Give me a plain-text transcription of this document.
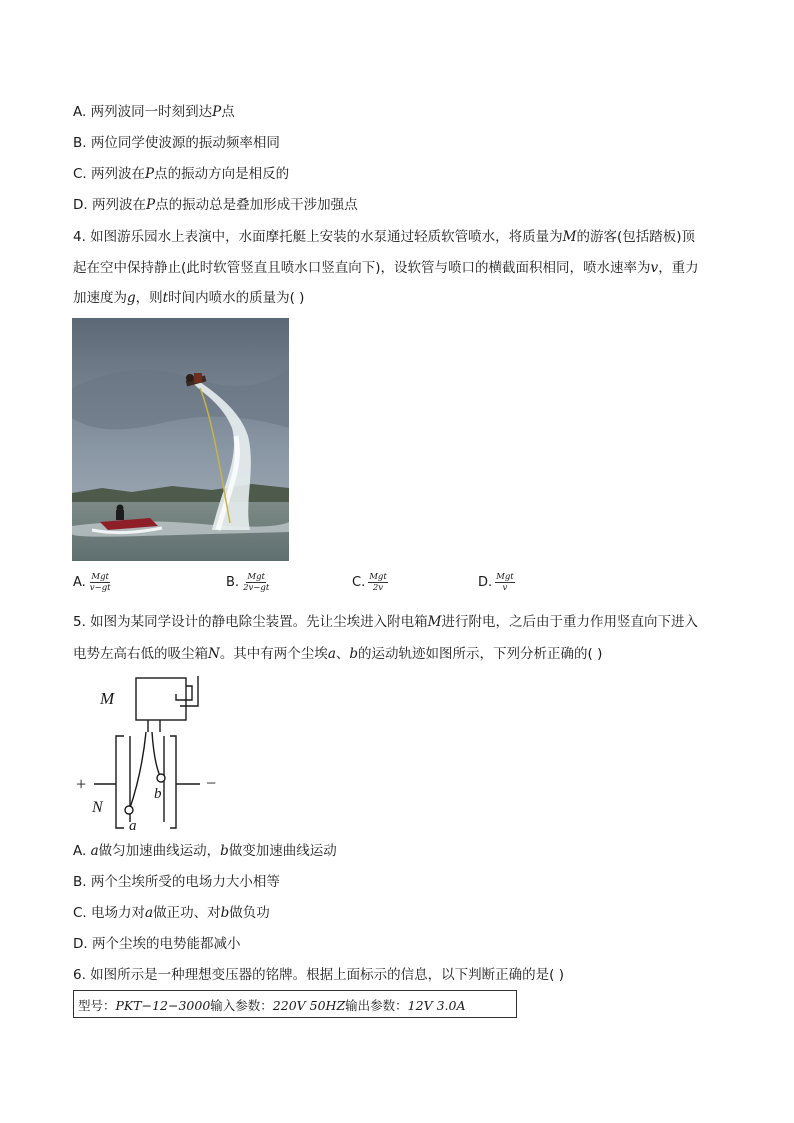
A. 两列波同一时刻到达P点
B. 两位同学使波源的振动频率相同
C. 两列波在P点的振动方向是相反的
D. 两列波在P点的振动总是叠加形成干涉加强点
4. 如图游乐园水上表演中，水面摩托艇上安装的水泵通过轻质软管喷水，将质量为M的游客(包括踏板)顶
起在空中保持静止(此时软管竖直且喷水口竖直向下)，设软管与喷口的横截面积相同，喷水速率为v，重力
加速度为g，则t时间内喷水的质量为( )
A. $\frac{\text{Mgt}}{v-gt}$	B. $\frac{\text{Mgt}}{2v-gt}$	C. $\frac{\text{Mgt}}{2v}$	D. $\frac{\text{Mgt}}{v}$
5. 如图为某同学设计的静电除尘装置。先让尘埃进入附电箱M进行附电，之后由于重力作用竖直向下进入
电势左高右低的吸尘箱N。其中有两个尘埃a、b的运动轨迹如图所示，下列分析正确的( )
M
N
+	−
a
b
A. a做匀加速曲线运动，b做变加速曲线运动
B. 两个尘埃所受的电场力大小相等
C. 电场力对a做正功、对b做负功
D. 两个尘埃的电势能都减小
6. 如图所示是一种理想变压器的铭牌。根据上面标示的信息，以下判断正确的是( )
型号：PKT−12−3000输入参数：220V 50HZ输出参数：12V 3.0A
